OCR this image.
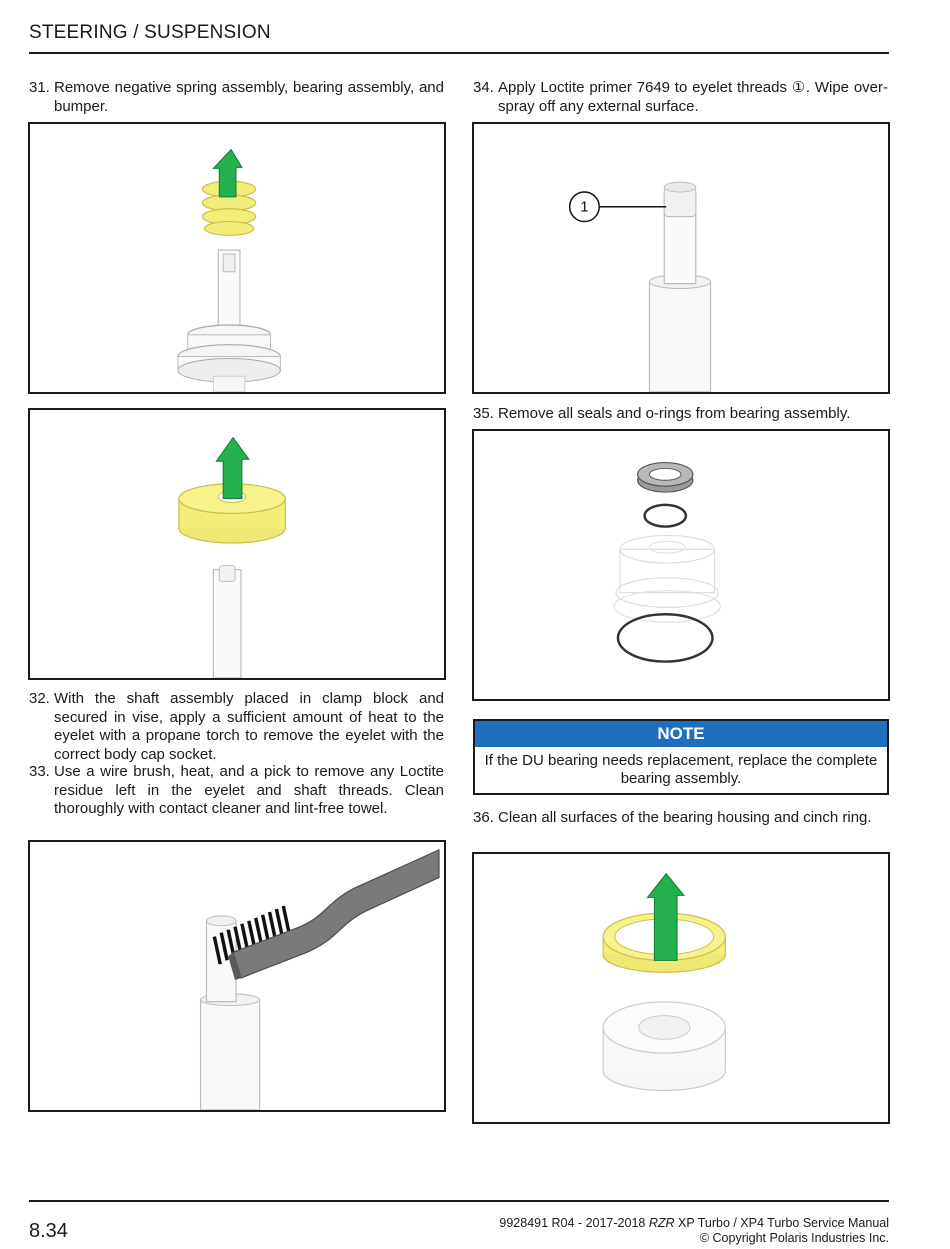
STEERING / SUSPENSION
31. Remove negative spring assembly, bearing assembly, and bumper.
32. With the shaft assembly placed in clamp block and secured in vise, apply a sufficient amount of heat to the eyelet with a propane torch to remove the eyelet with the correct body cap socket.
33. Use a wire brush, heat, and a pick to remove any Loctite residue left in the eyelet and shaft threads. Clean thoroughly with contact cleaner and lint-free towel.
34. Apply Loctite primer 7649 to eyelet threads ①. Wipe over-spray off any external surface.
1
35. Remove all seals and o-rings from bearing assembly.
NOTE
If the DU bearing needs replacement, replace the complete bearing assembly.
36. Clean all surfaces of the bearing housing and cinch ring.
8.34	9928491 R04 - 2017-2018 RZR XP Turbo / XP4 Turbo Service Manual
© Copyright Polaris Industries Inc.
